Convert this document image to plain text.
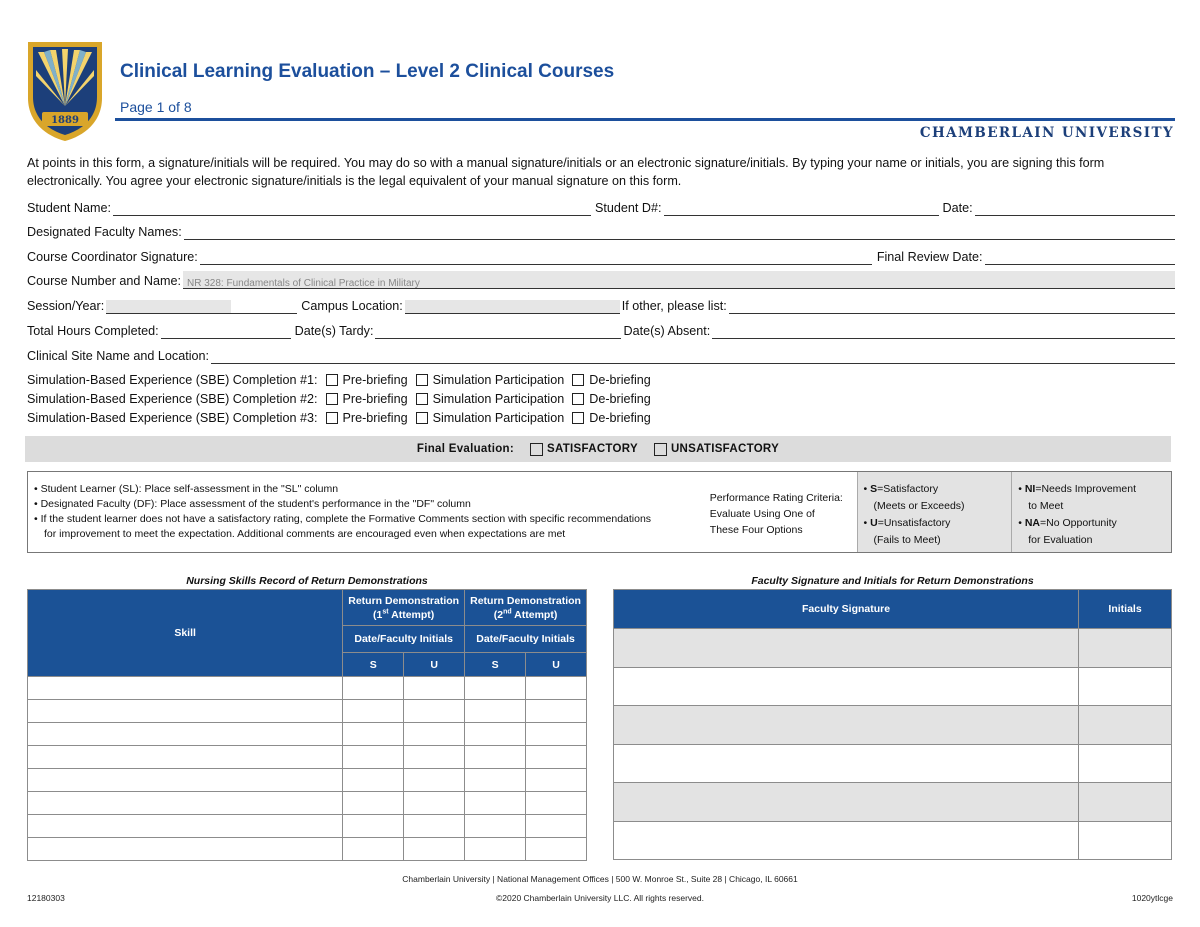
1889
Clinical Learning Evaluation – Level 2 Clinical Courses
Page 1 of 8
CHAMBERLAIN UNIVERSITY
At points in this form, a signature/initials will be required. You may do so with a manual signature/initials or an electronic signature/initials. By typing your name or initials, you are signing this form electronically. You agree your electronic signature/initials is the legal equivalent of your manual signature on this form.
Student Name:	Student D#:	Date:
Designated Faculty Names:
Course Coordinator Signature:	Final Review Date:
Course Number and Name: NR 328: Fundamentals of Clinical Practice in Military
Session/Year:	Campus Location:	If other, please list:
Total Hours Completed:	Date(s) Tardy:	Date(s) Absent:
Clinical Site Name and Location:
Simulation-Based Experience (SBE) Completion #1: Pre-briefing Simulation Participation De-briefing
Simulation-Based Experience (SBE) Completion #2: Pre-briefing Simulation Participation De-briefing
Simulation-Based Experience (SBE) Completion #3: Pre-briefing Simulation Participation De-briefing
Final Evaluation:	SATISFACTORY	UNSATISFACTORY
• Student Learner (SL): Place self-assessment in the "SL" column
• Designated Faculty (DF): Place assessment of the student's performance in the "DF" column
• If the student learner does not have a satisfactory rating, complete the Formative Comments section with specific recommendations
for improvement to meet the expectation. Additional comments are encouraged even when expectations are met
Performance Rating Criteria:
Evaluate Using One of
These Four Options
• S=Satisfactory
(Meets or Exceeds)
• U=Unsatisfactory
(Fails to Meet)
• NI=Needs Improvement
to Meet
• NA=No Opportunity
for Evaluation
Nursing Skills Record of Return Demonstrations
Skill	Return Demonstration
(1st Attempt)		Return Demonstration
(2nd Attempt)	
	Date/Faculty Initials		Date/Faculty Initials	
	S	U	S	U

Faculty Signature and Initials for Return Demonstrations
Faculty Signature	Initials

Chamberlain University | National Management Offices | 500 W. Monroe St., Suite 28 | Chicago, IL 60661
12180303	©2020 Chamberlain University LLC. All rights reserved.	1020ytlcge
